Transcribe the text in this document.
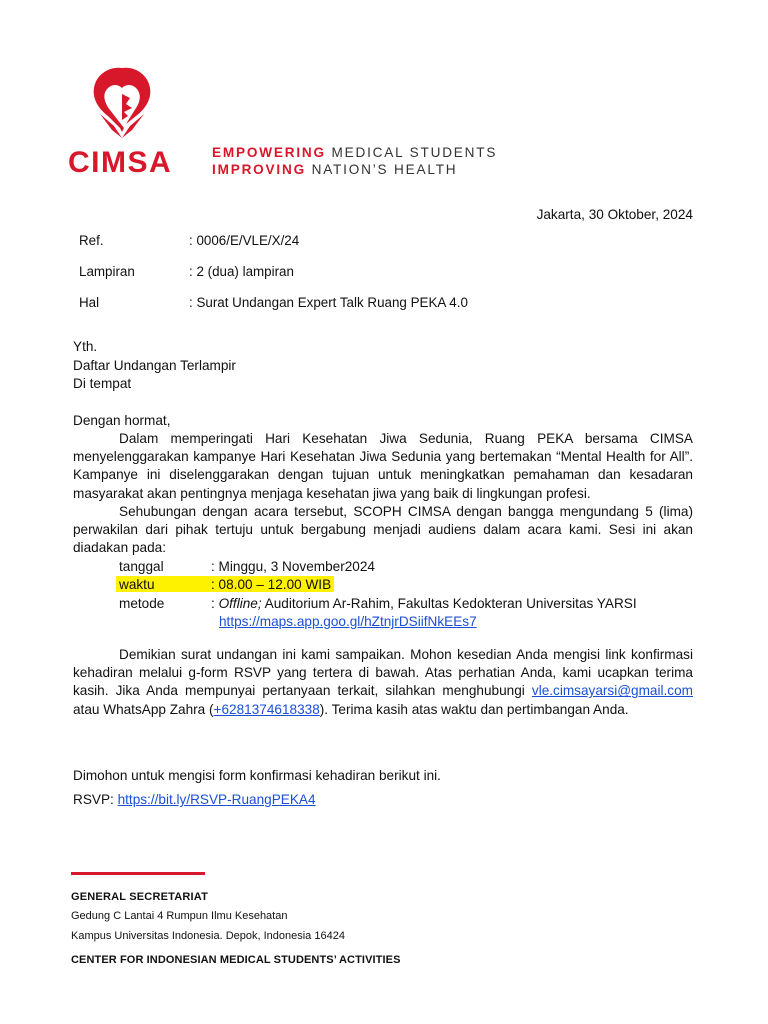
CIMSA	EMPOWERING MEDICAL STUDENTS
IMPROVING NATION’S HEALTH
Jakarta, 30 Oktober, 2024
Ref.	: 0006/E/VLE/X/24
Lampiran	: 2 (dua) lampiran
Hal	: Surat Undangan Expert Talk Ruang PEKA 4.0
Yth.
Daftar Undangan Terlampir
Di tempat
Dengan hormat,
Dalam memperingati Hari Kesehatan Jiwa Sedunia, Ruang PEKA bersama CIMSA menyelenggarakan kampanye Hari Kesehatan Jiwa Sedunia yang bertemakan “Mental Health for All”. Kampanye ini diselenggarakan dengan tujuan untuk meningkatkan pemahaman dan kesadaran masyarakat akan pentingnya menjaga kesehatan jiwa yang baik di lingkungan profesi.
Sehubungan dengan acara tersebut, SCOPH CIMSA dengan bangga mengundang 5 (lima) perwakilan dari pihak tertuju untuk bergabung menjadi audiens dalam acara kami. Sesi ini akan diadakan pada:
tanggal	: Minggu, 3 November2024
waktu	: 08.00 – 12.00 WIB
metode	: Offline; Auditorium Ar-Rahim, Fakultas Kedokteran Universitas YARSI
https://maps.app.goo.gl/hZtnjrDSiifNkEEs7
Demikian surat undangan ini kami sampaikan. Mohon kesedian Anda mengisi link konfirmasi kehadiran melalui g-form RSVP yang tertera di bawah. Atas perhatian Anda, kami ucapkan terima kasih. Jika Anda mempunyai pertanyaan terkait, silahkan menghubungi vle.cimsayarsi@gmail.com atau WhatsApp Zahra (+6281374618338). Terima kasih atas waktu dan pertimbangan Anda.
Dimohon untuk mengisi form konfirmasi kehadiran berikut ini.
RSVP: https://bit.ly/RSVP-RuangPEKA4
GENERAL SECRETARIAT
Gedung C Lantai 4 Rumpun Ilmu Kesehatan
Kampus Universitas Indonesia. Depok, Indonesia 16424
CENTER FOR INDONESIAN MEDICAL STUDENTS’ ACTIVITIES
